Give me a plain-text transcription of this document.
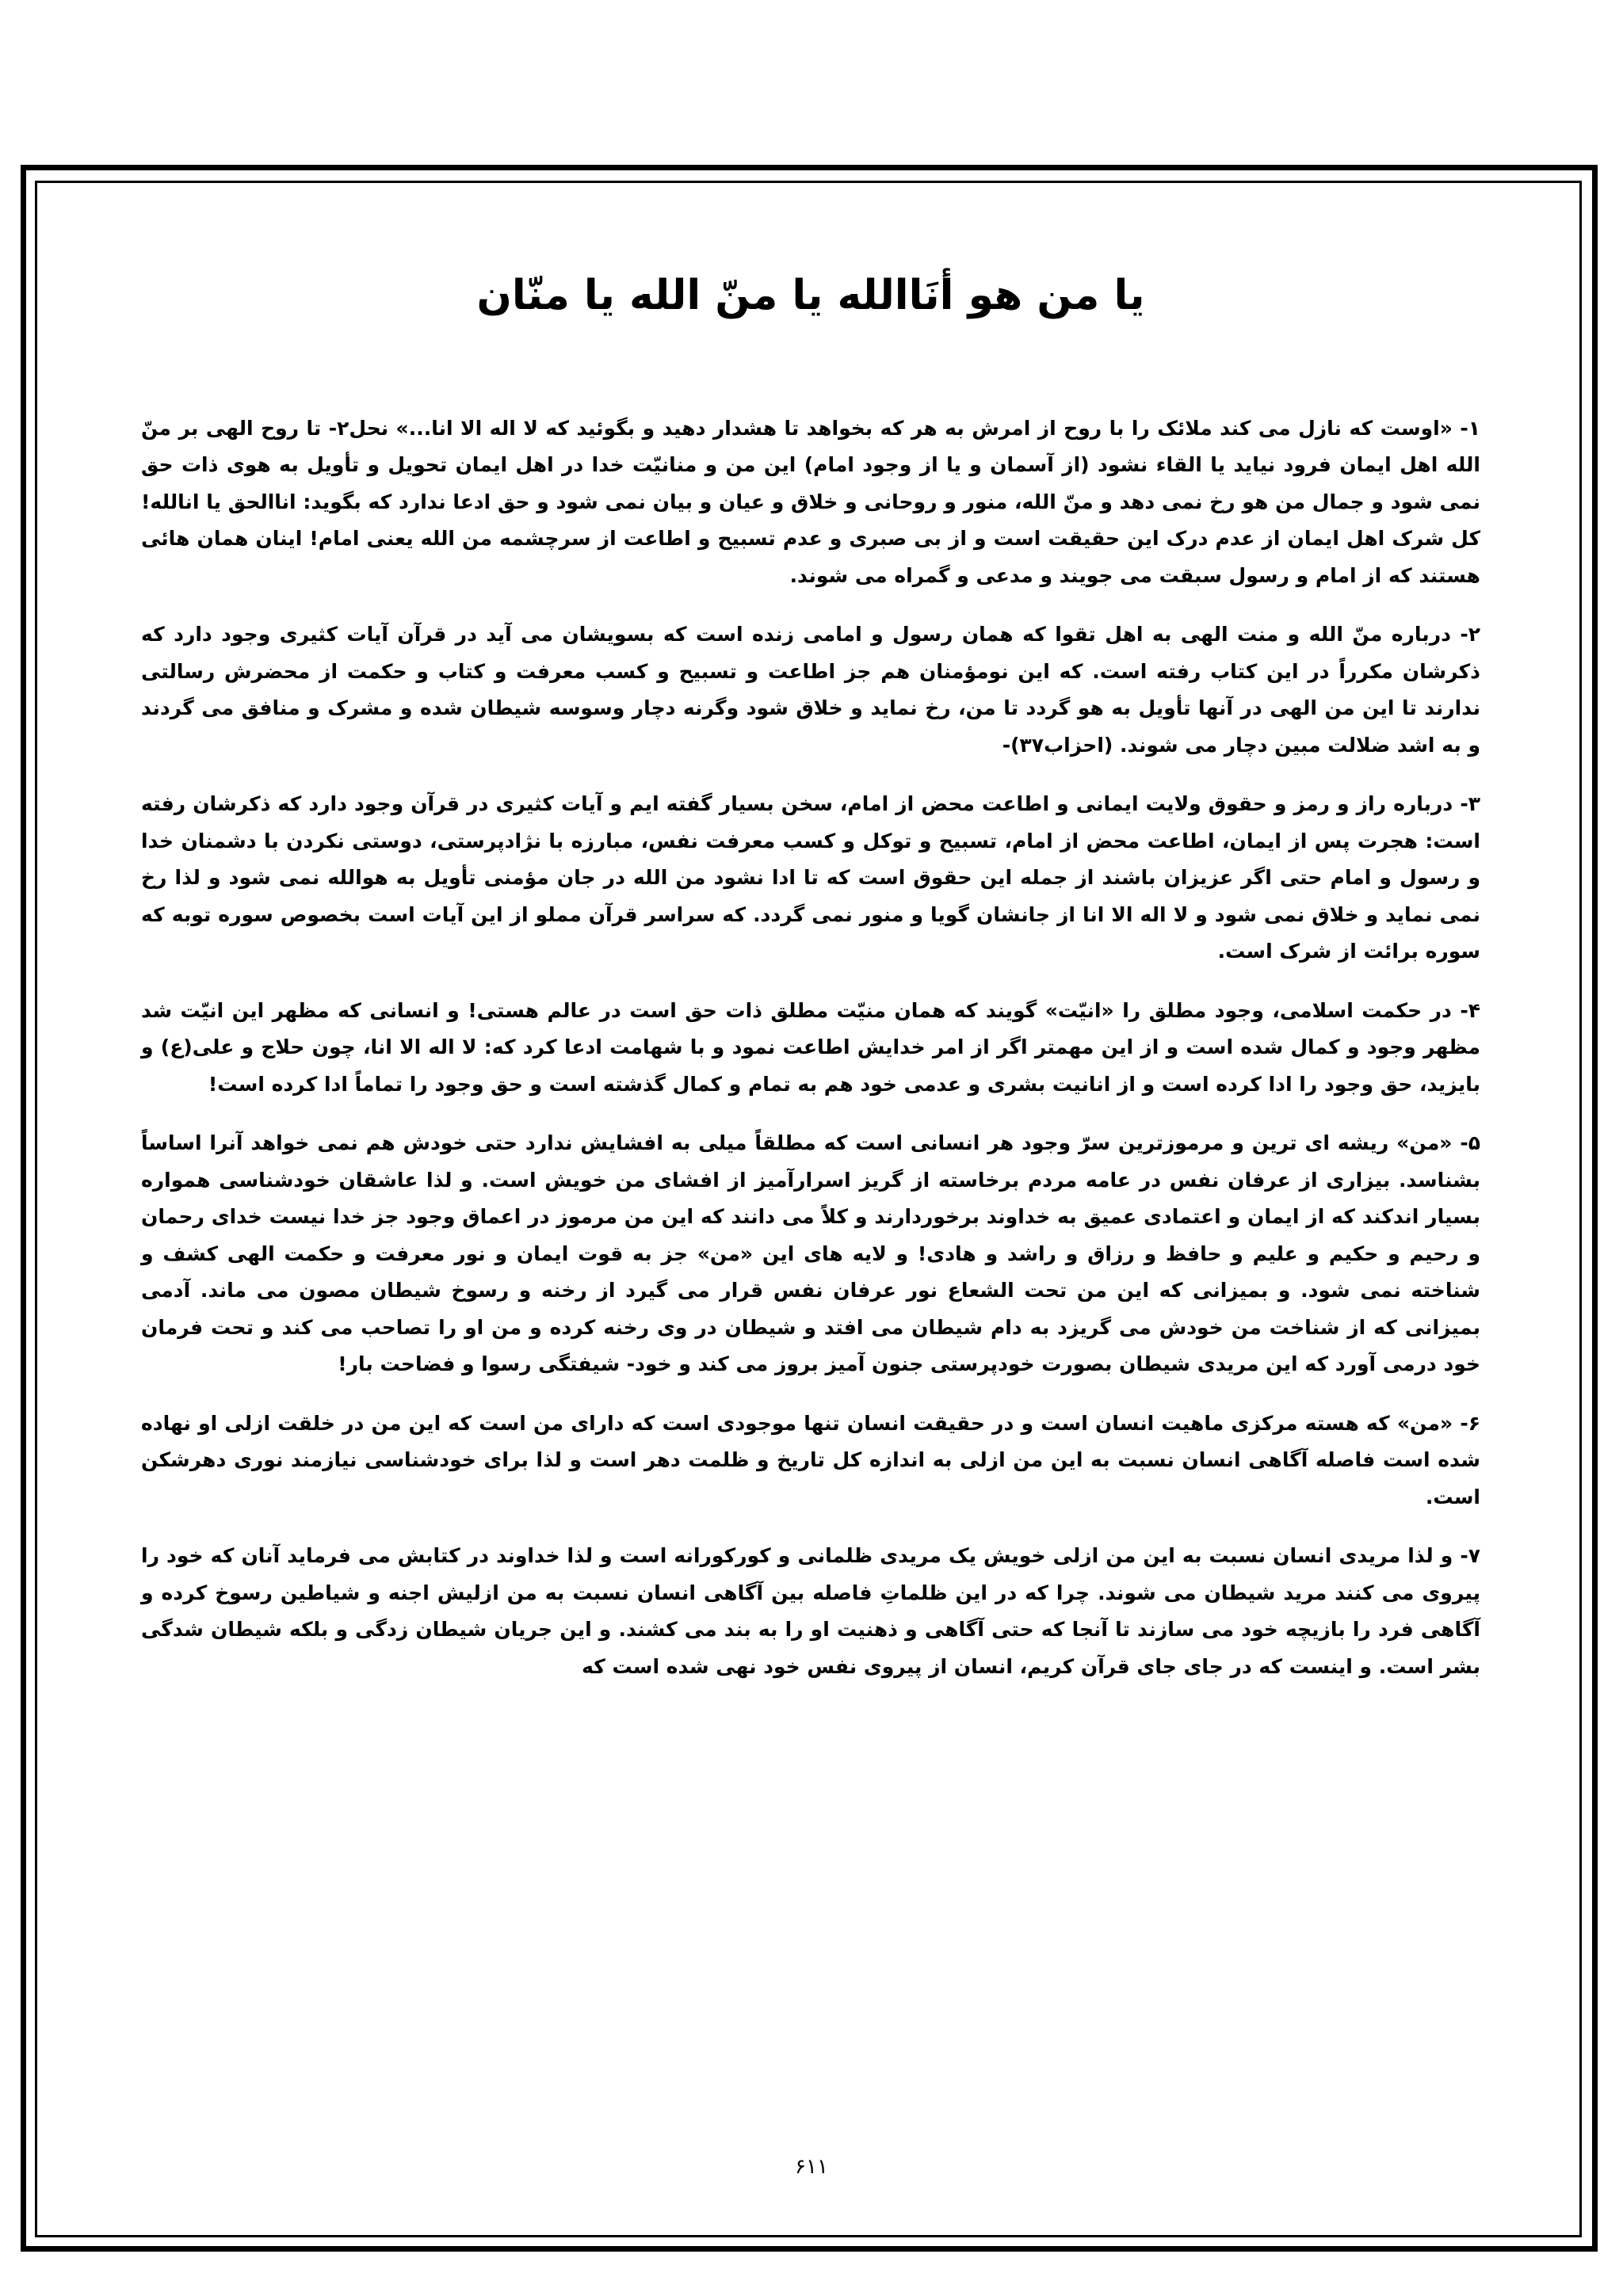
یا من هو أنَاالله یا منّ الله یا منّان

۱- «اوست که نازل می کند ملائک را با روح از امرش به هر که بخواهد تا هشدار دهید و بگوئید که لا اله الا انا...» نحل۲- تا روح الهی بر منّ الله اهل ایمان فرود نیاید یا القاء نشود (از آسمان و یا از وجود امام) این من و منانیّت خدا در اهل ایمان تحویل و تأویل به هوی ذات حق نمی شود و جمال من هو رخ نمی دهد و منّ الله، منور و روحانی و خلاق و عیان و بیان نمی شود و حق ادعا ندارد که بگوید: اناالحق یا انالله! کل شرک اهل ایمان از عدم درک این حقیقت است و از بی صبری و عدم تسبیح و اطاعت از سرچشمه من الله یعنی امام! اینان همان هائی هستند که از امام و رسول سبقت می جویند و مدعی و گمراه می شوند.

۲- درباره منّ الله و منت الهی به اهل تقوا که همان رسول و امامی زنده است که بسویشان می آید در قرآن آیات کثیری وجود دارد که ذکرشان مکرراً در این کتاب رفته است. که این نومؤمنان هم جز اطاعت و تسبیح و کسب معرفت و کتاب و حکمت از محضرش رسالتی ندارند تا این من الهی در آنها تأویل به هو گردد تا من، رخ نماید و خلاق شود وگرنه دچار وسوسه شیطان شده و مشرک و منافق می گردند و به اشد ضلالت مبین دچار می شوند. (احزاب۳۷)-

۳- درباره راز و رمز و حقوق ولایت ایمانی و اطاعت محض از امام، سخن بسیار گفته ایم و آیات کثیری در قرآن وجود دارد که ذکرشان رفته است: هجرت پس از ایمان، اطاعت محض از امام، تسبیح و توکل و کسب معرفت نفس، مبارزه با نژادپرستی، دوستی نکردن با دشمنان خدا و رسول و امام حتی اگر عزیزان باشند از جمله این حقوق است که تا ادا نشود من الله در جان مؤمنی تأویل به هوالله نمی شود و لذا رخ نمی نماید و خلاق نمی شود و لا اله الا انا از جانشان گویا و منور نمی گردد. که سراسر قرآن مملو از این آیات است بخصوص سوره توبه که سوره برائت از شرک است.

۴- در حکمت اسلامی، وجود مطلق را «انیّت» گویند که همان منیّت مطلق ذات حق است در عالم هستی! و انسانی که مظهر این انیّت شد مظهر وجود و کمال شده است و از این مهمتر اگر از امر خدایش اطاعت نمود و با شهامت ادعا کرد که: لا اله الا انا، چون حلاج و علی(ع) و بایزید، حق وجود را ادا کرده است و از انانیت بشری و عدمی خود هم به تمام و کمال گذشته است و حق وجود را تماماً ادا کرده است!

۵- «من» ریشه ای ترین و مرموزترین سرّ وجود هر انسانی است که مطلقاً میلی به افشایش ندارد حتی خودش هم نمی خواهد آنرا اساساً بشناسد. بیزاری از عرفان نفس در عامه مردم برخاسته از گریز اسرارآمیز از افشای من خویش است. و لذا عاشقان خودشناسی همواره بسیار اندکند که از ایمان و اعتمادی عمیق به خداوند برخوردارند و کلاً می دانند که این من مرموز در اعماق وجود جز خدا نیست خدای رحمان و رحیم و حکیم و علیم و حافظ و رزاق و راشد و هادی! و لایه های این «من» جز به قوت ایمان و نور معرفت و حکمت الهی کشف و شناخته نمی شود. و بمیزانی که این من تحت الشعاع نور عرفان نفس قرار می گیرد از رخنه و رسوخ شیطان مصون می ماند. آدمی بمیزانی که از شناخت من خودش می گریزد به دام شیطان می افتد و شیطان در وی رخنه کرده و من او را تصاحب می کند و تحت فرمان خود درمی آورد که این مریدی شیطان بصورت خودپرستی جنون آمیز بروز می کند و خود- شیفتگی رسوا و فضاحت بار!

۶- «من» که هسته مرکزی ماهیت انسان است و در حقیقت انسان تنها موجودی است که دارای من است که این من در خلقت ازلی او نهاده شده است فاصله آگاهی انسان نسبت به این من ازلی به اندازه کل تاریخ و ظلمت دهر است و لذا برای خودشناسی نیازمند نوری دهرشکن است.

۷- و لذا مریدی انسان نسبت به این من ازلی خویش یک مریدی ظلمانی و کورکورانه است و لذا خداوند در کتابش می فرماید آنان که خود را پیروی می کنند مرید شیطان می شوند. چرا که در این ظلماتِ فاصله بین آگاهی انسان نسبت به من ازلیش اجنه و شیاطین رسوخ کرده و آگاهی فرد را بازیچه خود می سازند تا آنجا که حتی آگاهی و ذهنیت او را به بند می کشند. و این جریان شیطان زدگی و بلکه شیطان شدگی بشر است. و اینست که در جای جای قرآن کریم، انسان از پیروی نفس خود نهی شده است که

۶۱۱
